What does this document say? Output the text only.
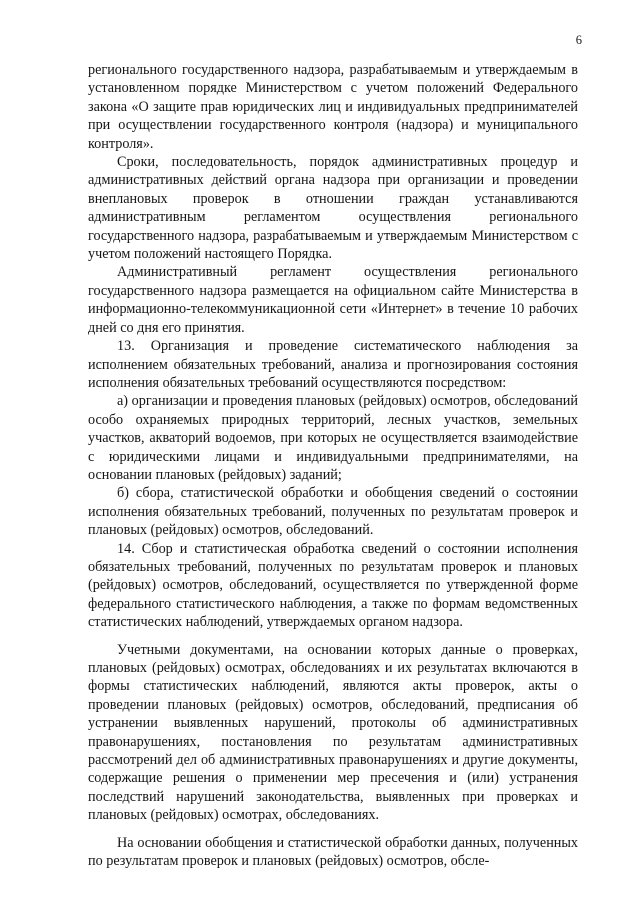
6

регионального государственного надзора, разрабатываемым и утверждаемым в установленном порядке Министерством с учетом положений Федерального закона «О защите прав юридических лиц и индивидуальных предпринимателей при осуществлении государственного контроля (надзора) и муниципального контроля».

Сроки, последовательность, порядок административных процедур и административных действий органа надзора при организации и проведении внеплановых проверок в отношении граждан устанавливаются административным регламентом осуществления регионального государственного надзора, разрабатываемым и утверждаемым Министерством с учетом положений настоящего Порядка.

Административный регламент осуществления регионального государственного надзора размещается на официальном сайте Министерства в информационно-телекоммуникационной сети «Интернет» в течение 10 рабочих дней со дня его принятия.

13. Организация и проведение систематического наблюдения за исполнением обязательных требований, анализа и прогнозирования состояния исполнения обязательных требований осуществляются посредством:

а) организации и проведения плановых (рейдовых) осмотров, обследований особо охраняемых природных территорий, лесных участков, земельных участков, акваторий водоемов, при которых не осуществляется взаимодействие с юридическими лицами и индивидуальными предпринимателями, на основании плановых (рейдовых) заданий;

б) сбора, статистической обработки и обобщения сведений о состоянии исполнения обязательных требований, полученных по результатам проверок и плановых (рейдовых) осмотров, обследований.

14. Сбор и статистическая обработка сведений о состоянии исполнения обязательных требований, полученных по результатам проверок и плановых (рейдовых) осмотров, обследований, осуществляется по утвержденной форме федерального статистического наблюдения, а также по формам ведомственных статистических наблюдений, утверждаемых органом надзора.

Учетными документами, на основании которых данные о проверках, плановых (рейдовых) осмотрах, обследованиях и их результатах включаются в формы статистических наблюдений, являются акты проверок, акты о проведении плановых (рейдовых) осмотров, обследований, предписания об устранении выявленных нарушений, протоколы об административных правонарушениях, постановления по результатам административных рассмотрений дел об административных правонарушениях и другие документы, содержащие решения о применении мер пресечения и (или) устранения последствий нарушений законодательства, выявленных при проверках и плановых (рейдовых) осмотрах, обследованиях.

На основании обобщения и статистической обработки данных, полученных по результатам проверок и плановых (рейдовых) осмотров, обсле-
